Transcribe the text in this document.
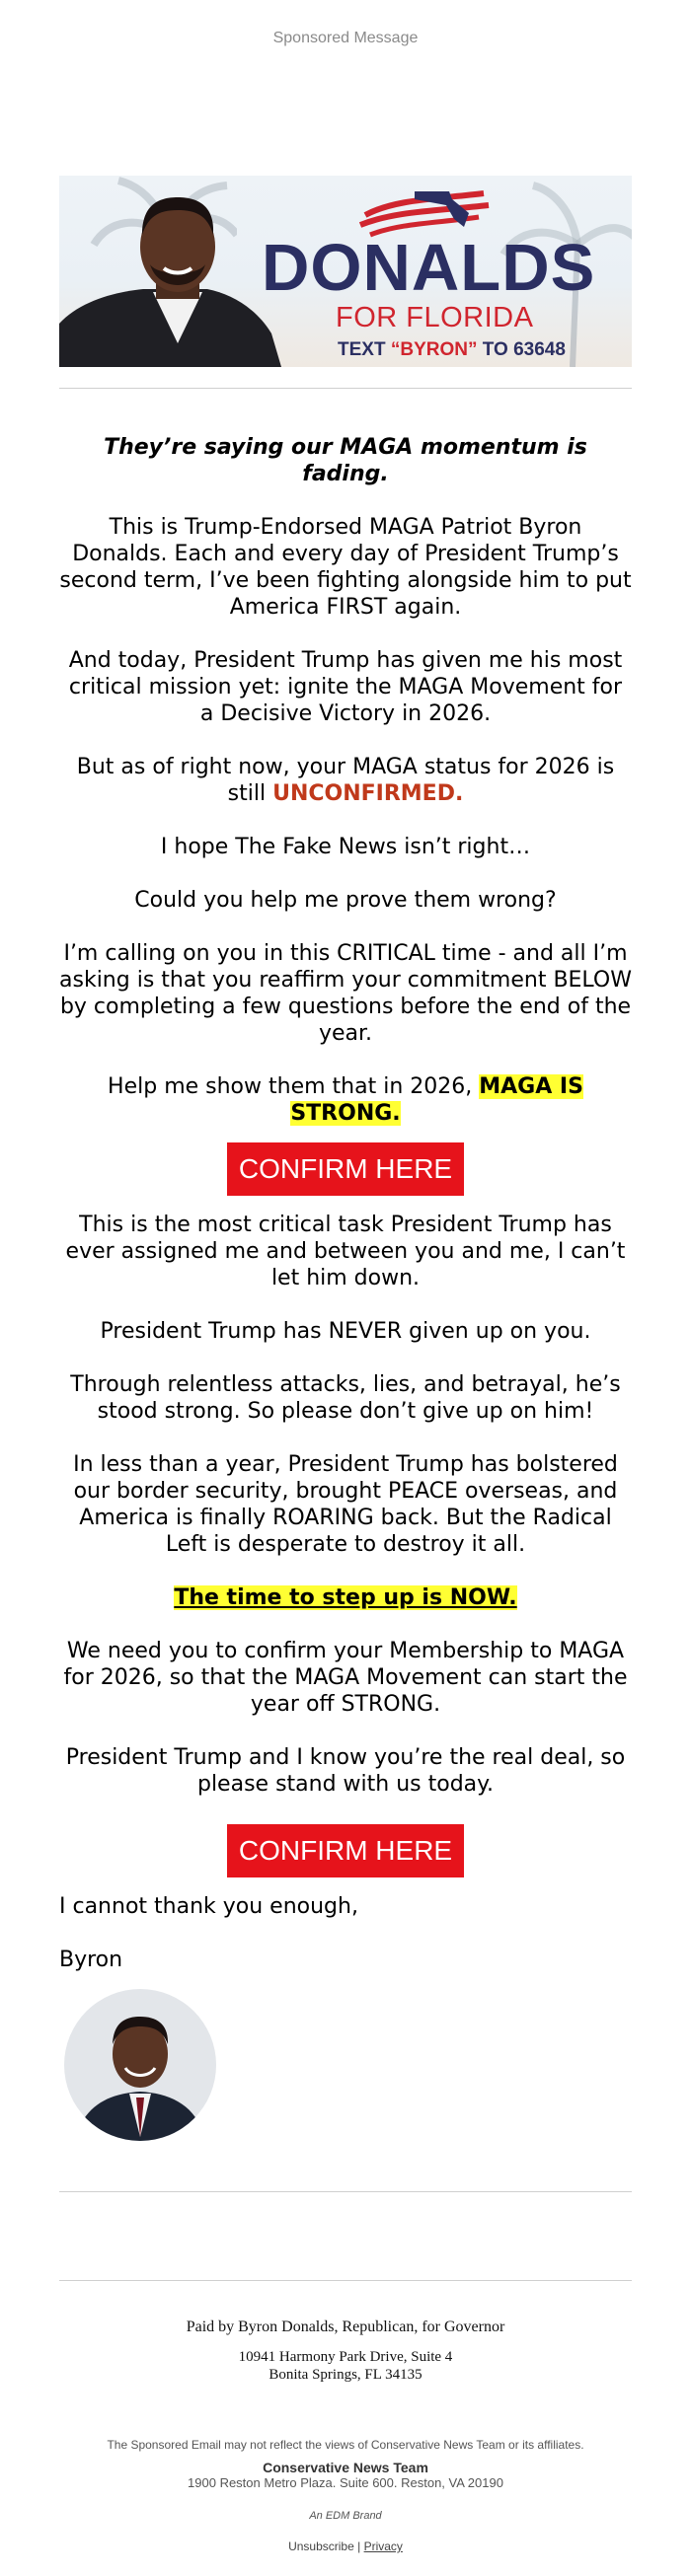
Sponsored Message
DONALDS
FOR FLORIDA
TEXT “BYRON” TO 63648

They’re saying our MAGA momentum is fading.

This is Trump-Endorsed MAGA Patriot Byron Donalds. Each and every day of President Trump’s second term, I’ve been fighting alongside him to put America FIRST again.

And today, President Trump has given me his most critical mission yet: ignite the MAGA Movement for a Decisive Victory in 2026.

But as of right now, your MAGA status for 2026 is still UNCONFIRMED.

I hope The Fake News isn’t right…

Could you help me prove them wrong?

I’m calling on you in this CRITICAL time - and all I’m asking is that you reaffirm your commitment BELOW by completing a few questions before the end of the year.

Help me show them that in 2026, MAGA IS STRONG.

CONFIRM HERE

This is the most critical task President Trump has ever assigned me and between you and me, I can’t let him down.

President Trump has NEVER given up on you.

Through relentless attacks, lies, and betrayal, he’s stood strong. So please don’t give up on him!

In less than a year, President Trump has bolstered our border security, brought PEACE overseas, and America is finally ROARING back. But the Radical Left is desperate to destroy it all.

The time to step up is NOW.

We need you to confirm your Membership to MAGA for 2026, so that the MAGA Movement can start the year off STRONG.

President Trump and I know you’re the real deal, so please stand with us today.

CONFIRM HERE

I cannot thank you enough,

Byron

Paid by Byron Donalds, Republican, for Governor

10941 Harmony Park Drive, Suite 4

Bonita Springs, FL 34135

The Sponsored Email may not reflect the views of Conservative News Team or its affiliates.

Conservative News Team

1900 Reston Metro Plaza. Suite 600. Reston, VA 20190

An EDM Brand

Unsubscribe | Privacy
